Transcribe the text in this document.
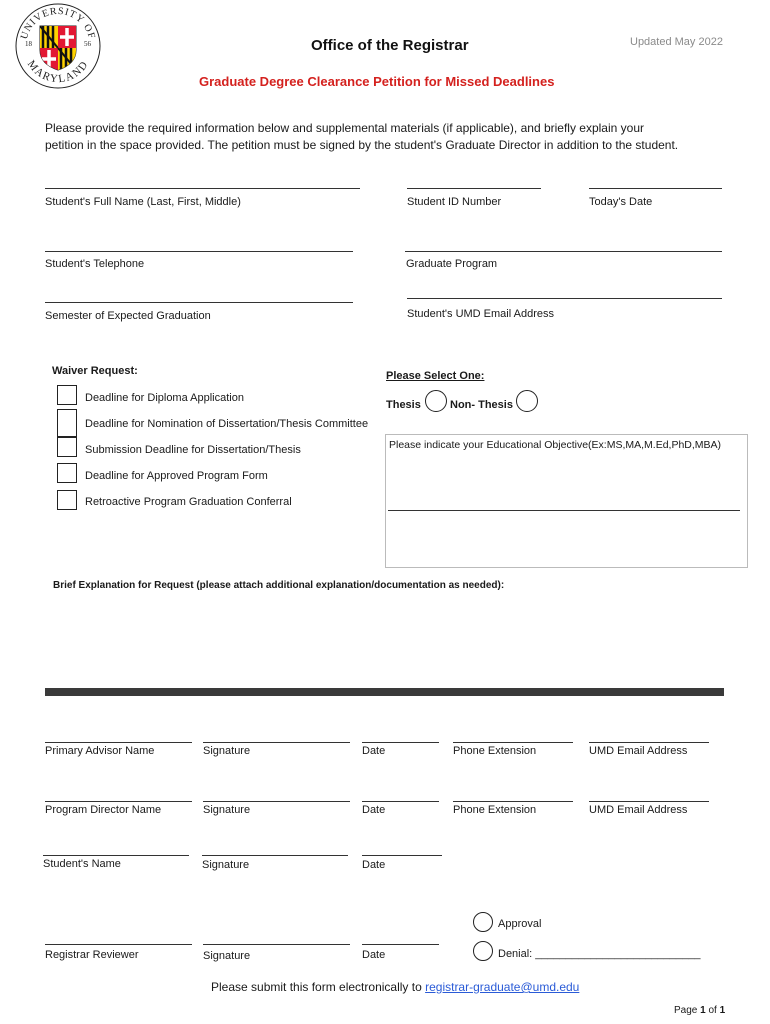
UNIVERSITY OF
MARYLAND
18	56	Office of the Registrar	Updated May 2022
Graduate Degree Clearance Petition for Missed Deadlines
Please provide the required information below and supplemental materials (if applicable), and briefly explain your
petition in the space provided. The petition must be signed by the student's Graduate Director in addition to the student.
Student's Full Name (Last, First, Middle)	Student ID Number	Today's Date
Student's Telephone	Graduate Program
Semester of Expected Graduation	Student's UMD Email Address
Waiver Request:
Deadline for Diploma Application
Deadline for Nomination of Dissertation/Thesis Committee
Submission Deadline for Dissertation/Thesis
Deadline for Approved Program Form
Retroactive Program Graduation Conferral
Please Select One:
Thesis	Non- Thesis
Please indicate your Educational Objective(Ex:MS,MA,M.Ed,PhD,MBA)
Brief Explanation for Request (please attach additional explanation/documentation as needed):
Primary Advisor Name	Signature	Date	Phone Extension	UMD Email Address
Program Director Name	Signature	Date	Phone Extension	UMD Email Address
Student's Name	Signature	Date
Approval
Registrar Reviewer	Signature	Date	Denial: ___________________________
Please submit this form electronically to registrar-graduate@umd.edu
Page 1 of 1
